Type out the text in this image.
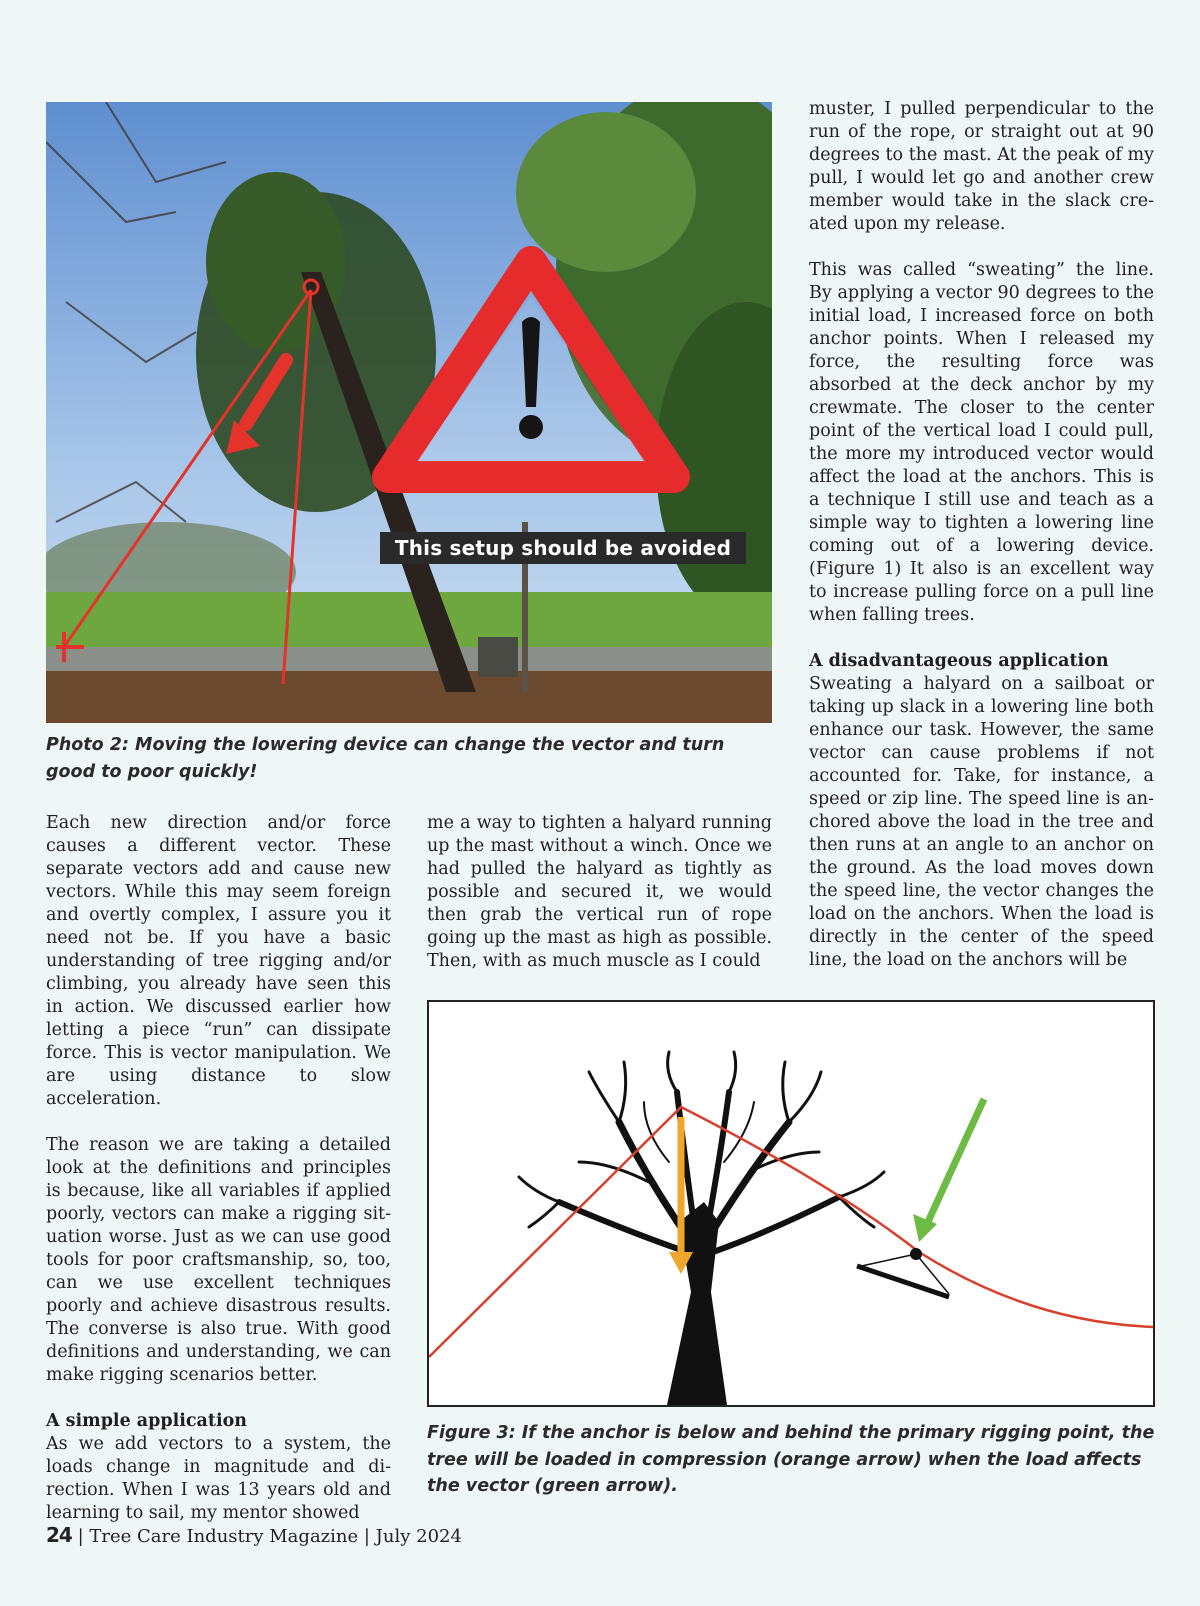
This setup should be avoided

Photo 2: Moving the lowering device can change the vector and turn good to poor quickly!

Each new direction and/or force causes a different vector. These separate vectors add and cause new vectors. While this may seem foreign and overtly complex, I assure you it need not be. If you have a basic understanding of tree rigging and/or climbing, you already have seen this in action. We discussed earlier how letting a piece “run” can dissipate force. This is vector manipulation. We are using distance to slow acceleration.

The reason we are taking a detailed look at the definitions and principles is because, like all variables if applied poorly, vectors can make a rigging situation worse. Just as we can use good tools for poor craftsmanship, so, too, can we use excellent techniques poorly and achieve disastrous results. The converse is also true. With good definitions and understanding, we can make rigging scenarios better.

A simple application

As we add vectors to a system, the loads change in magnitude and direction. When I was 13 years old and learning to sail, my mentor showed

me a way to tighten a halyard running up the mast without a winch. Once we had pulled the halyard as tightly as possible and secured it, we would then grab the vertical run of rope going up the mast as high as possible. Then, with as much muscle as I could

muster, I pulled perpendicular to the run of the rope, or straight out at 90 degrees to the mast. At the peak of my pull, I would let go and another crew member would take in the slack created upon my release.

This was called “sweating” the line. By applying a vector 90 degrees to the initial load, I increased force on both anchor points. When I released my force, the resulting force was absorbed at the deck anchor by my crewmate. The closer to the center point of the vertical load I could pull, the more my introduced vector would affect the load at the anchors. This is a technique I still use and teach as a simple way to tighten a lowering line coming out of a lowering device. (Figure 1) It also is an excellent way to increase pulling force on a pull line when falling trees.

A disadvantageous application

Sweating a halyard on a sailboat or taking up slack in a lowering line both enhance our task. However, the same vector can cause problems if not accounted for. Take, for instance, a speed or zip line. The speed line is anchored above the load in the tree and then runs at an angle to an anchor on the ground. As the load moves down the speed line, the vector changes the load on the anchors. When the load is directly in the center of the speed line, the load on the anchors will be

Figure 3: If the anchor is below and behind the primary rigging point, the tree will be loaded in compression (orange arrow) when the load affects the vector (green arrow).

24 | Tree Care Industry Magazine | July 2024
